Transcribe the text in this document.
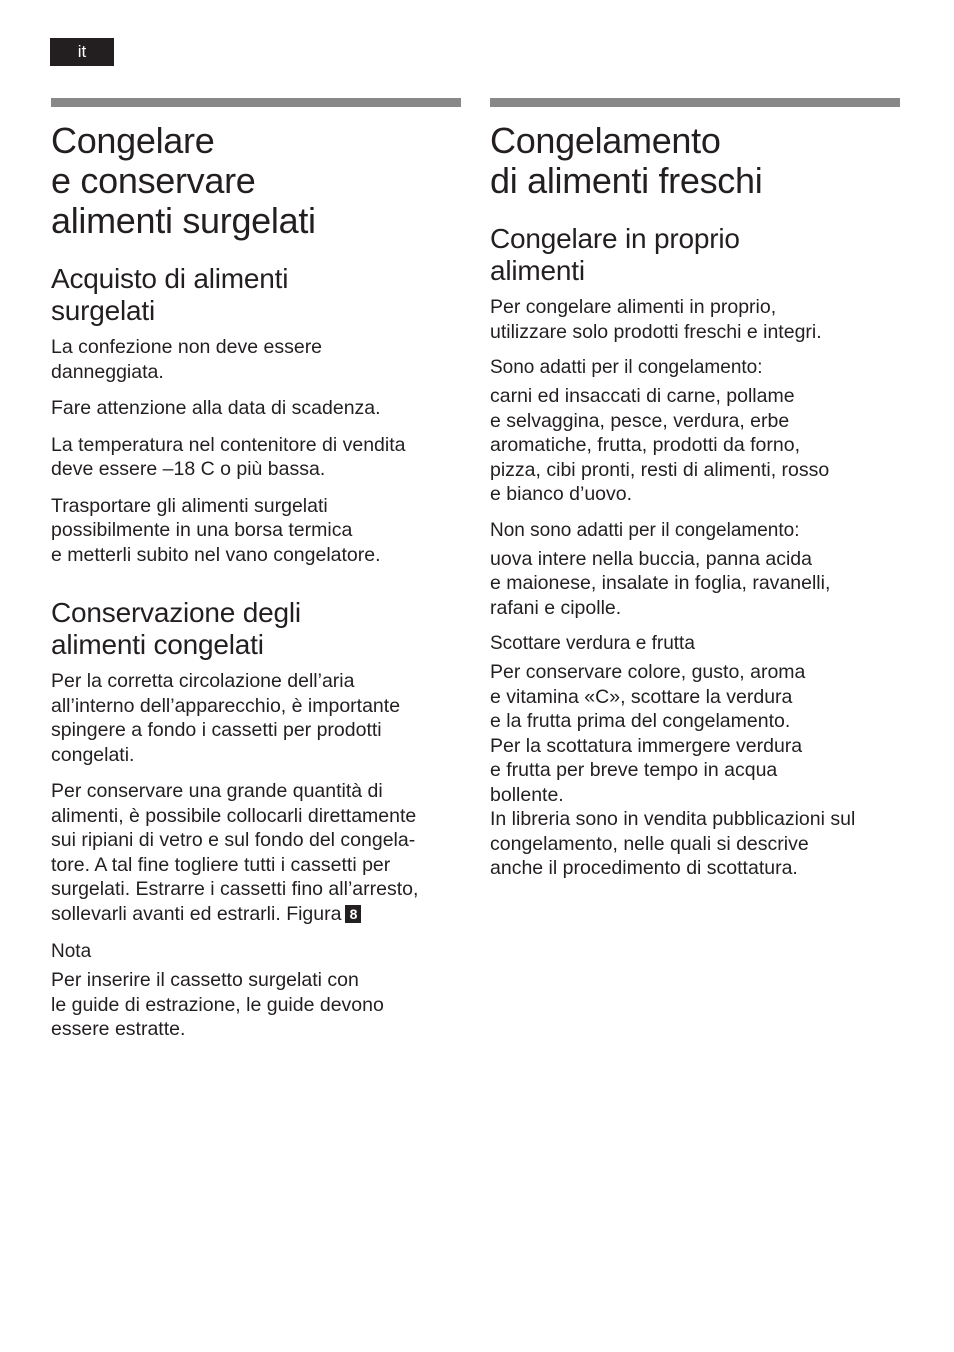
it
Congelare
e conservare
alimenti surgelati
Acquisto di alimenti
surgelati

La confezione non deve essere
danneggiata.

Fare attenzione alla data di scadenza.

La temperatura nel contenitore di vendita
deve essere –18 C o più bassa.

Trasportare gli alimenti surgelati
possibilmente in una borsa termica
e metterli subito nel vano congelatore.

Conservazione degli
alimenti congelati

Per la corretta circolazione dell’aria
all’interno dell’apparecchio, è importante
spingere a fondo i cassetti per prodotti
congelati.

Per conservare una grande quantità di
alimenti, è possibile collocarli direttamente
sui ripiani di vetro e sul fondo del congela-
tore. A tal fine togliere tutti i cassetti per
surgelati. Estrarre i cassetti fino all’arresto,
sollevarli avanti ed estrarli. Figura 8

Nota

Per inserire il cassetto surgelati con
le guide di estrazione, le guide devono
essere estratte.

Congelamento
di alimenti freschi
Congelare in proprio
alimenti

Per congelare alimenti in proprio,
utilizzare solo prodotti freschi e integri.

Sono adatti per il congelamento:

carni ed insaccati di carne, pollame
e selvaggina, pesce, verdura, erbe
aromatiche, frutta, prodotti da forno,
pizza, cibi pronti, resti di alimenti, rosso
e bianco d’uovo.

Non sono adatti per il congelamento:

uova intere nella buccia, panna acida
e maionese, insalate in foglia, ravanelli,
rafani e cipolle.

Scottare verdura e frutta

Per conservare colore, gusto, aroma
e vitamina «C», scottare la verdura
e la frutta prima del congelamento.
Per la scottatura immergere verdura
e frutta per breve tempo in acqua
bollente.
In libreria sono in vendita pubblicazioni sul
congelamento, nelle quali si descrive
anche il procedimento di scottatura.
